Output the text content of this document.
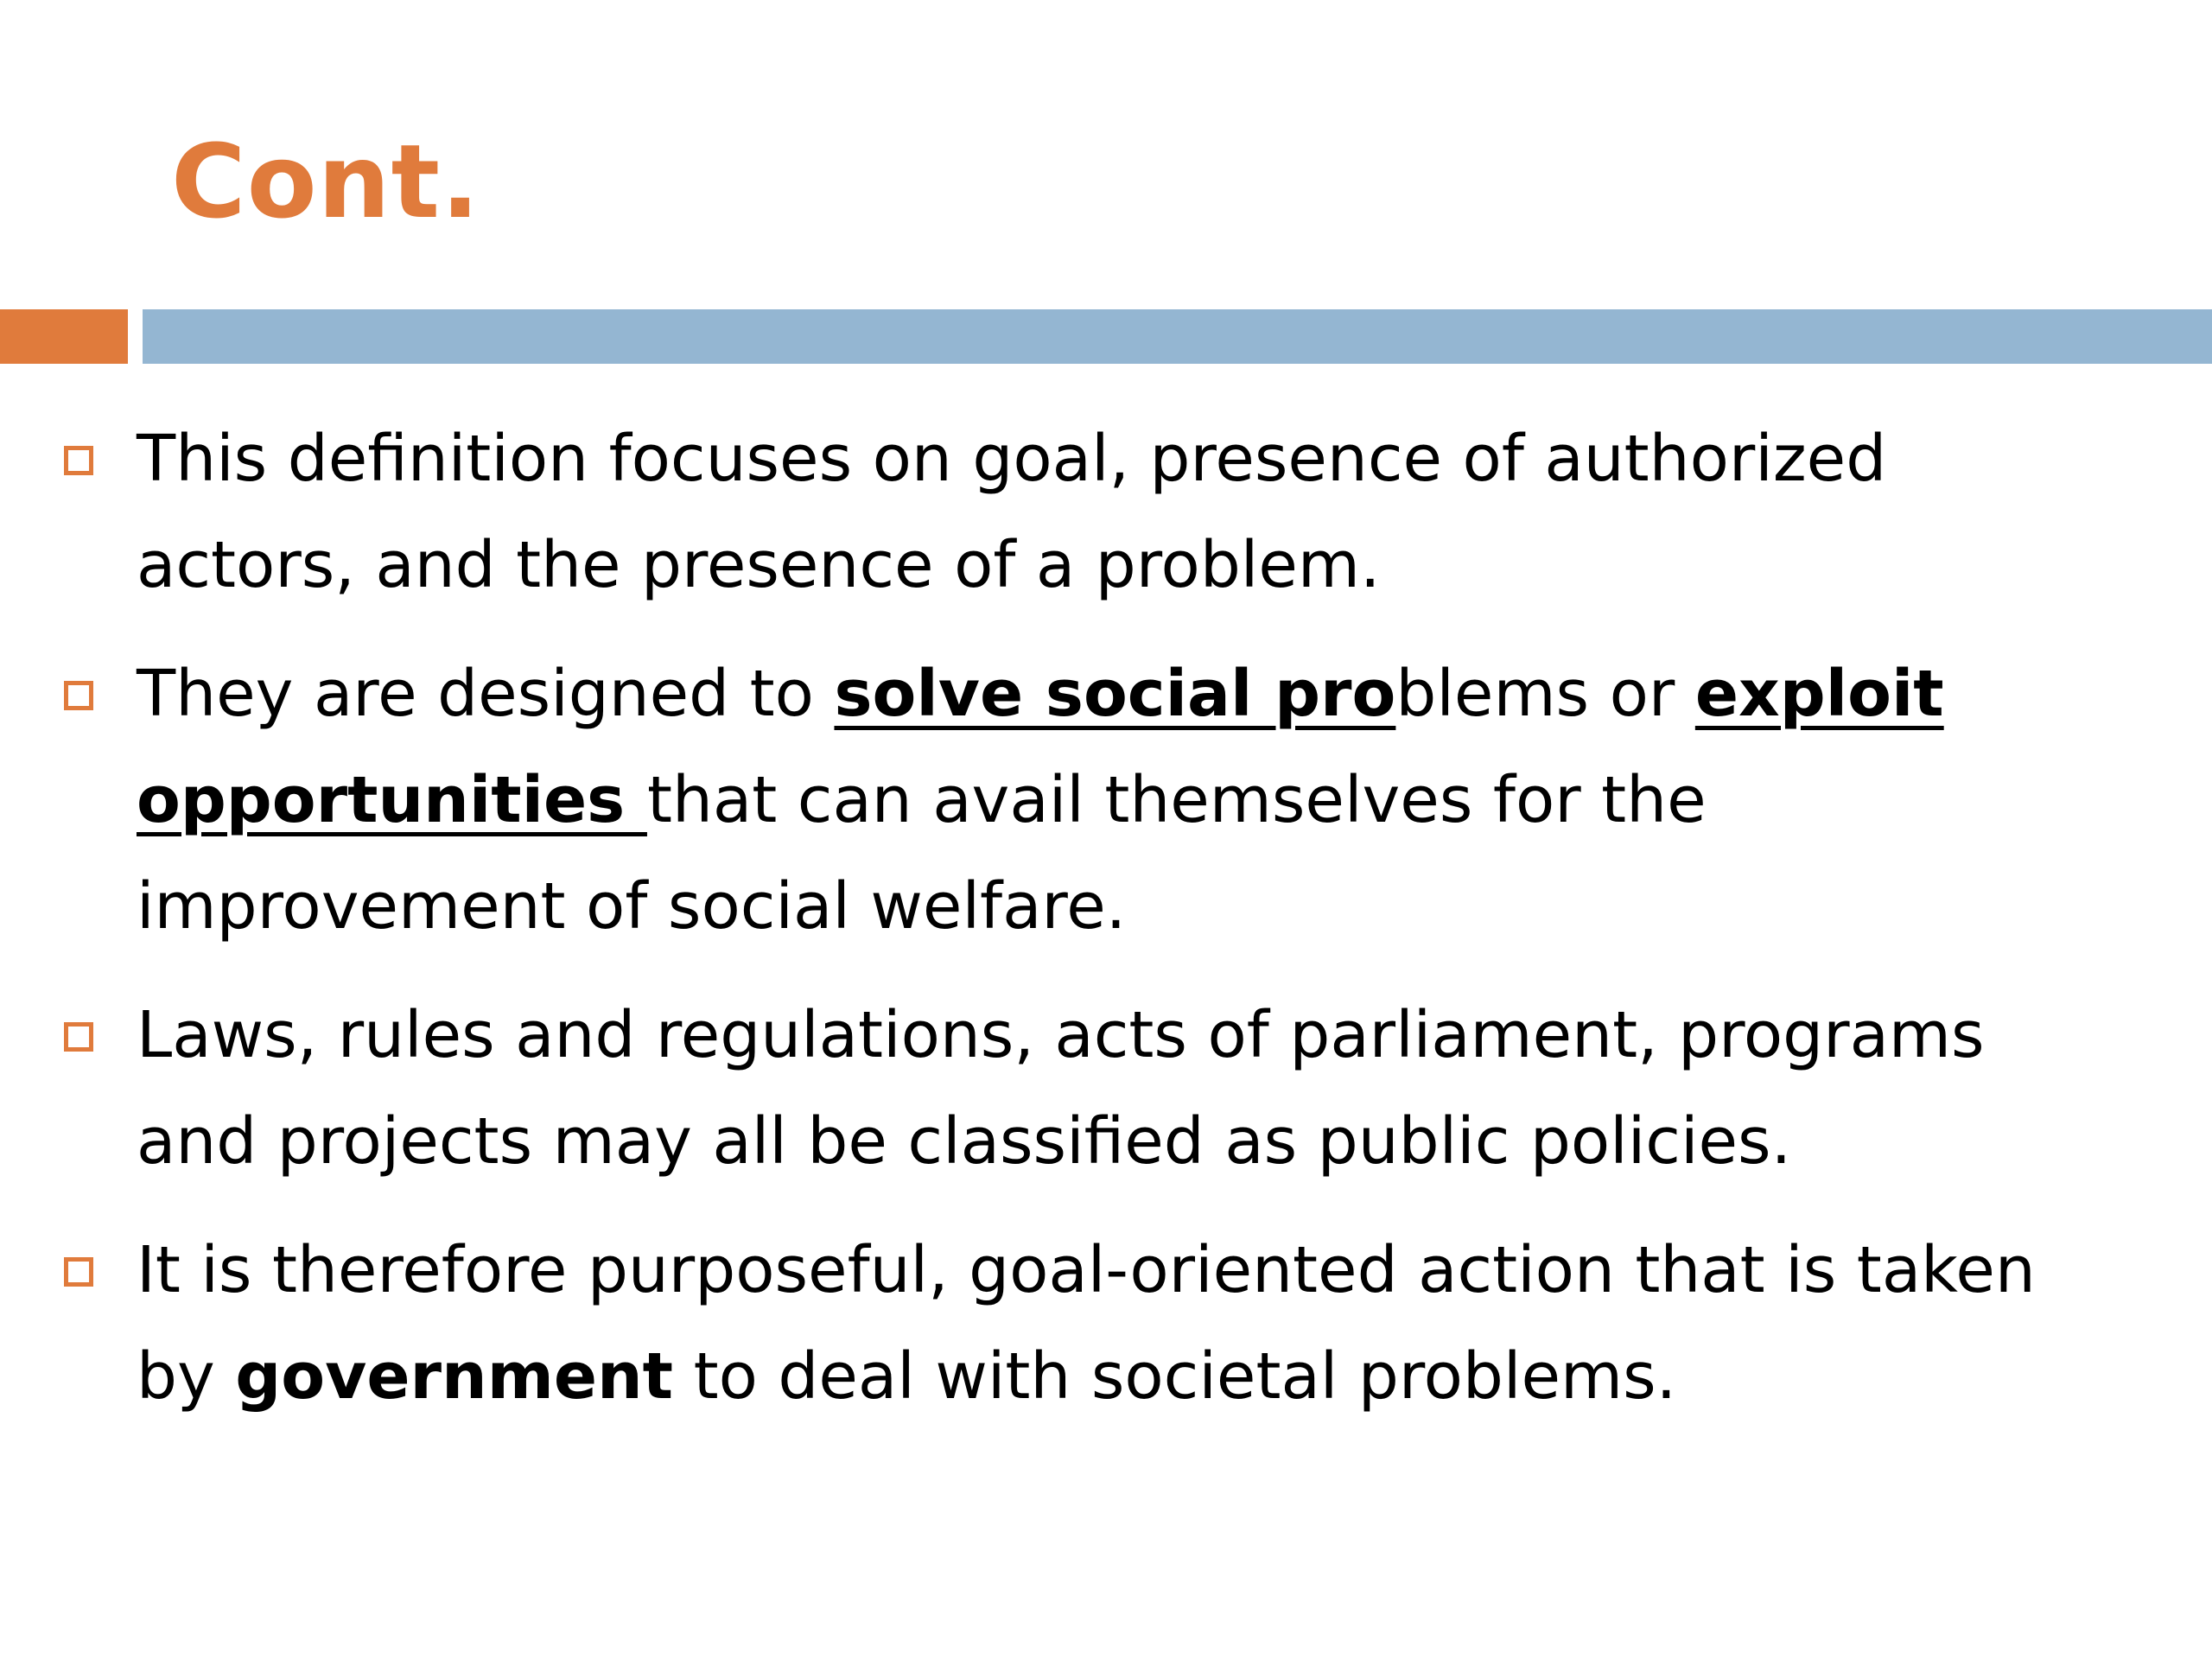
Cont.
This definition focuses on goal, presence of authorized actors, and the presence of a problem.
They are designed to solve social problems or exploit opportunities that can avail themselves for the improvement of social welfare.
Laws, rules and regulations, acts of parliament, programs and projects may all be classified as public policies.
It is therefore purposeful, goal-oriented action that is taken by government to deal with societal problems.
